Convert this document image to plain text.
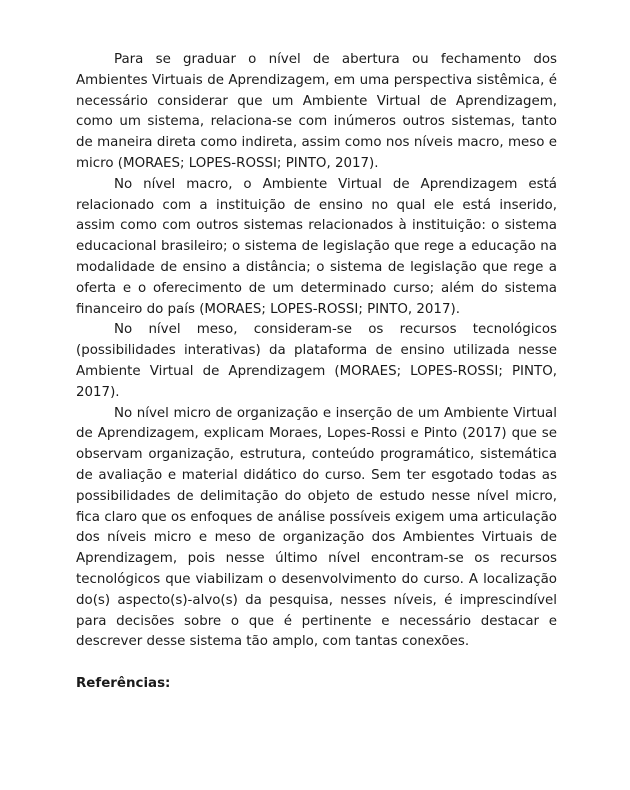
Para se graduar o nível de abertura ou fechamento dos Ambientes Virtuais de Aprendizagem, em uma perspectiva sistêmica, é necessário considerar que um Ambiente Virtual de Aprendizagem, como um sistema, relaciona-se com inúmeros outros sistemas, tanto de maneira direta como indireta, assim como nos níveis macro, meso e micro (MORAES; LOPES-ROSSI; PINTO, 2017).

No nível macro, o Ambiente Virtual de Aprendizagem está relacionado com a instituição de ensino no qual ele está inserido, assim como com outros sistemas relacionados à instituição: o sistema educacional brasileiro; o sistema de legislação que rege a educação na modalidade de ensino a distância; o sistema de legislação que rege a oferta e o oferecimento de um determinado curso; além do sistema financeiro do país (MORAES; LOPES-ROSSI; PINTO, 2017).

No nível meso, consideram-se os recursos tecnológicos (possibilidades interativas) da plataforma de ensino utilizada nesse Ambiente Virtual de Aprendizagem (MORAES; LOPES-ROSSI; PINTO, 2017).

No nível micro de organização e inserção de um Ambiente Virtual de Aprendizagem, explicam Moraes, Lopes-Rossi e Pinto (2017) que se observam organização, estrutura, conteúdo programático, sistemática de avaliação e material didático do curso. Sem ter esgotado todas as possibilidades de delimitação do objeto de estudo nesse nível micro, fica claro que os enfoques de análise possíveis exigem uma articulação dos níveis micro e meso de organização dos Ambientes Virtuais de Aprendizagem, pois nesse último nível encontram-se os recursos tecnológicos que viabilizam o desenvolvimento do curso. A localização do(s) aspecto(s)-alvo(s) da pesquisa, nesses níveis, é imprescindível para decisões sobre o que é pertinente e necessário destacar e descrever desse sistema tão amplo, com tantas conexões.

Referências:
